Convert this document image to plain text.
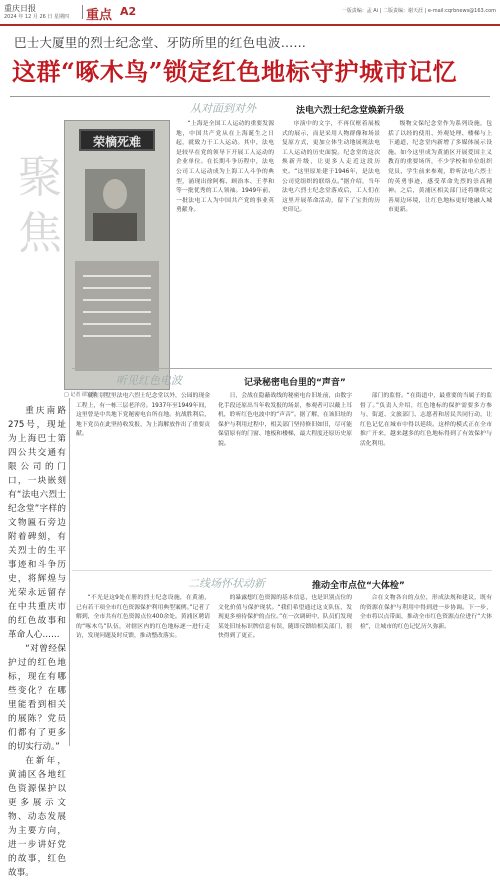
重庆日报
2024 年 12 月 26 日 星期四 重点 A2	一版责编：孟 Ai | 二版责编：谢天涯 | e-mail:cqrbnews@163.com
巴士大厦里的烈士纪念堂、牙防所里的红色电波……
这群“啄木鸟”锁定红色地标守护城市记忆
从对面到对外	法电六烈士纪念堂焕新升级
聚焦
荣樀死难
□ 记者 谭宏骏

“上海是全国工人运动的重要发源地，中国共产党从在上海诞生之日起，就致力于工人运动。其中，法电是较早在党的领导下开展工人运动的企业单位。在长期斗争历程中，法电公司工人运动成为上海工人斗争的典型，涌现出徐阿梅、顾治本、王孝和等一批优秀的工人领袖。1949年前，一批法电工人为中国共产党的事业英勇献身。

序演中的文字，不再仅框着展板式的展示，而是采用人物群像和场景复原方式，更加立体生动地展现法电工人运动的历史面貌。纪念堂的这次焕新升级，让更多人走近这段历史。“这里原址建于1946年，是法电公司党组织的联络点。”据介绍，当年法电六烈士纪念堂落成后，工人们在这里开展革命活动，留下了宝贵的历史印记。

级物文保纪念堂作为系列设施，包括了以经的使用、外观处理、楼梯与上下通道，纪念堂内新增了多媒体展示设施。如今这里成为黄浦区开展爱国主义教育的重要场所，不少学校和单位组织党员、学生前来参观，聆听法电六烈士的英勇事迹，感受革命先烈的崇高精神。之后，黄浦区相关部门还将继续完善周边环境，让红色地标更好地融入城市更新。

重庆南路275号，现址为上海巴士第四公共交通有限公司的门口，一块嵌刻有“法电六烈士纪念堂”字样的文物匾石旁边附着碑刻，有关烈士的生平事迹和斗争历史，将辉煌与光荣永远留存在中共重庆市的红色故事和革命人心……

“对曾经保护过的红色地标，现在有哪些变化？在哪里能看到相关的展陈？党员们都有了更多的切实行动。”

在新年，黄浦区各地红色资源保护以更多展示文物、动态发展为主要方向，进一步讲好党的故事，红色故事。

听见红色电波	记录秘密电台里的“声音”

就在别墅里法电六烈士纪念堂以外，公园的现金工程上，有一栋三层老洋房。1937年至1949年间，这里曾是中共地下党秘密电台所在地。抗战胜利后，地下党员在此坚持收发报，为上海解放作出了重要贡献。

日，会战在隐蔽战线的秘密电台旧址前，由数字化手段还原出当年收发报的场景，参观者可以戴上耳机，聆听红色电波中的“声音”。据了解，在该旧址的保护与利用过程中，相关部门坚持修旧如旧，尽可能保留原有的门窗、地板和楼梯，最大程度还原历史原貌。

部门的监督。“在街道中，最重要的当属子的监督了。”负责人介绍，红色地标的保护需要多方参与，街道、文旅部门、志愿者和居民共同行动，让红色记忆在城市中得以延续。这样的模式正在全市推广开来，越来越多的红色地标得到了有效保护与活化利用。

二线场怀状动新	推动全市点位“大体检”

“不光是这9处在册的烈士纪念设施，在黄浦，已有若干项全市红色资源保护利用典型案例。”记者了解到，全市共有红色资源点位400余处。黄浦区聘请的“啄木鸟”队伍，对辖区内的红色地标逐一进行走访，发现问题及时反馈，推动整改落实。

的暴露想红色资源的基本信息，也是识别点位的文化价值与保护现状。“我们希望通过这支队伍，发现更多亟待保护的点位。”在一次调研中，队员们发现某处旧址标识牌信息有误，随即反馈给相关部门，很快得到了更正。

合在文物各自的点位，形成法规和建议，既有的资源在保护与利用中得到进一步协调。下一步，全市将以点带面，推动全市红色资源点位进行“大体检”，让城市的红色记忆历久弥新。
